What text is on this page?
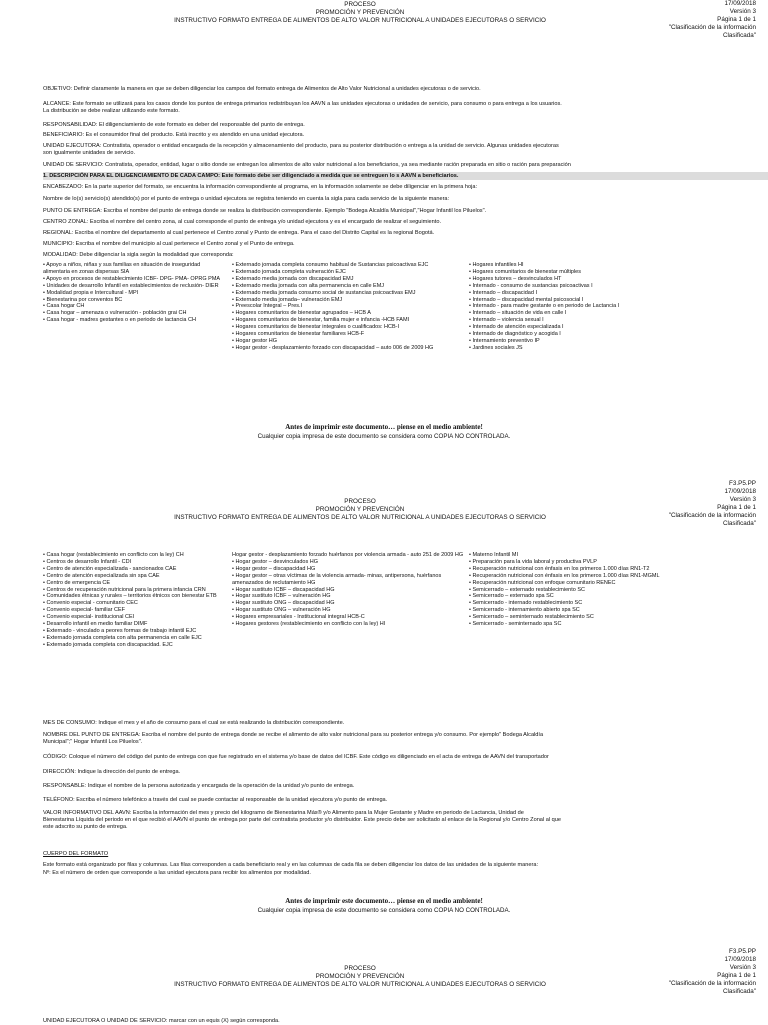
PROCESO
PROMOCIÓN Y PREVENCIÓN
INSTRUCTIVO FORMATO ENTREGA DE ALIMENTOS DE ALTO VALOR NUTRICIONAL A UNIDADES EJECUTORAS O SERVICIO
17/09/2018
Versión 3
Página 1 de 1
"Clasificación de la información
Clasificada"
OBJETIVO: Definir claramente la manera en que se deben diligenciar los campos del formato entrega de Alimentos de Alto Valor Nutricional a unidades ejecutoras o de servicio.
ALCANCE: Este formato se utilizará para los casos donde los puntos de entrega primarios redistribuyan los AAVN a las unidades ejecutoras o unidades de servicio, para consumo o para entrega a los usuarios.
La distribución se debe realizar utilizando este formato.
RESPONSABILIDAD: El diligenciamiento de este formato es deber del responsable del punto de entrega.
BENEFICIARIO: Es el consumidor final del producto. Está inscrito y es atendido en una unidad ejecutora.
UNIDAD EJECUTORA: Contratista, operador o entidad encargada de la recepción y almacenamiento del producto, para su posterior distribución o entrega a la unidad de servicio. Algunas unidades ejecutoras
son igualmente unidades de servicio.
UNIDAD DE SERVICIO: Contratista, operador, entidad, lugar o sitio donde se entregan los alimentos de alto valor nutricional a los beneficiarios, ya sea mediante ración preparada en sitio o ración para preparación
1. DESCRIPCIÓN PARA EL DILIGENCIAMIENTO DE CADA CAMPO: Este formato debe ser diligenciado a medida que se entreguen lo s AAVN a beneficiarios.
ENCABEZADO: En la parte superior del formato, se encuentra la información correspondiente al programa, en la información solamente se debe diligenciar en la primera hoja:
Nombre de lo(s) servicio(s) atendido(s) por el punto de entrega o unidad ejecutora se registra teniendo en cuenta la sigla para cada servicio de la siguiente manera:
PUNTO DE ENTREGA: Escriba el nombre del punto de entrega donde se realiza la distribución correspondiente. Ejemplo "Bodega Alcaldía Municipal","Hogar Infantil los Piluelos".
CENTRO ZONAL: Escriba el nombre del centro zona, al cual corresponde el punto de entrega y/o unidad ejecutora y es el encargado de realizar el seguimiento.
REGIONAL: Escriba el nombre del departamento al cual pertenece el Centro zonal y Punto de entrega. Para el caso del Distrito Capital es la regional Bogotá.
MUNICIPIO: Escriba el nombre del municipio al cual pertenece el Centro zonal y el Punto de entrega.
MODALIDAD: Debe diligenciar la sigla según la modalidad que corresponda:
• Apoyo a niños, niñas y sus familias en situación de inseguridad alimentaria en zonas dispersas SIA
• Apoyo en procesos de restablecimiento ICBF- DPG- PMA- OPRG PMA
• Unidades de desarrollo Infantil en establecimientos de reclusión- DIER
• Modalidad propia e Intercultural - MPI
• Bienestarina por conventos BC
• Casa hogar CH
• Casa hogar – amenaza o vulneración - población grai CH
• Casa hogar - madres gestantes o en periodo de lactancia CH
• Externado jornada completa consumo habitual de Sustancias psicoactivas EJC
• Externado jornada completa vulneración EJC
• Externado media jornada con discapacidad EMJ
• Externado media jornada con alta permanencia en calle EMJ
• Externado media jornada consumo social de sustancias psicoactivas EMJ
• Externado media jornada– vulneración EMJ
• Preescolar Integral – Pres.I
• Hogares comunitarios de bienestar agrupados – HCB A
• Hogares comunitarios de bienestar, familia mujer e infancia -HCB FAMI
• Hogares comunitarios de bienestar integrales o cualificados: HCB-I
• Hogares comunitarios de bienestar familiares HCB-F
• Hogar gestor HG
• Hogar gestor - desplazamiento forzado con discapacidad – auto 006 de 2009 HG
• Hogares infantiles HI
• Hogares comunitarios de bienestar múltiples
• Hogares tutores – desvinculados HT
• Internado - consumo de sustancias psicoactivas I
• Internado – discapacidad I
• Internado – discapacidad mental psicosocial I
• Internado - para madre gestante o en periodo de Lactancia I
• Internado – situación de vida en calle I
• Internado – violencia sexual I
• Internado de atención especializada I
• Internado de diagnóstico y acogida I
• Internamiento preventivo IP
• Jardines sociales JS
Antes de imprimir este documento… piense en el medio ambiente!
Cualquier copia impresa de este documento se considera como COPIA NO CONTROLADA.
PROCESO
PROMOCIÓN Y PREVENCIÓN
INSTRUCTIVO FORMATO ENTREGA DE ALIMENTOS DE ALTO VALOR NUTRICIONAL A UNIDADES EJECUTORAS O SERVICIO
F3.P5.PP
17/09/2018
Versión 3
Página 1 de 1
"Clasificación de la información
Clasificada"
• Casa hogar (restablecimiento en conflicto con la ley) CH
• Centros de desarrollo Infantil - CDI
• Centro de atención especializada - sancionados CAE
• Centro de atención especializada sin spa CAE
• Centro de emergencia CE
• Centros de recuperación nutricional para la primera infancia CRN
• Comunidades étnicas y rurales – territorios étnicos con bienestar ETB
• Convenio especial - comunitario CEC
• Convenio especial- familiar CEF
• Convenio especial- institucional CEI
• Desarrollo infantil en medio familiar DIMF
• Externado - vinculado a peores formas de trabajo infantil EJC
• Externado jornada completa con alta permanencia en calle EJC
• Externado jornada completa con discapacidad. EJC
Hogar gestor - desplazamiento forzado huérfanos por violencia armada - auto 251 de 2009 HG
• Hogar gestor – desvinculados HG
• Hogar gestor – discapacidad HG
• Hogar gestor – otras víctimas de la violencia armada- minas, antipersona, huérfanos amenazados de reclutamiento HG
• Hogar sustituto ICBF – discapacidad HG
• Hogar sustituto ICBF – vulneración HG
• Hogar sustituto ONG – discapacidad HG
• Hogar sustituto ONG – vulneración HG
• Hogares empresariales - Institucional integral HCB-C
• Hogares gestores (restablecimiento en conflicto con la ley) HI
• Materno Infantil MI
• Preparación para la vida laboral y productiva PVLP
• Recuperación nutricional con énfasis en los primeros 1.000 días RN1-T2
• Recuperación nutricional con énfasis en los primeros 1.000 días RN1-MGML
• Recuperación nutricional con enfoque comunitario RENEC
• Semicerrado – externado restablecimiento SC
• Semicerrado – externado spa SC
• Semicerrado - internado restablecimiento SC
• Semicerrado - internamiento abierto spa SC
• Semicerrado – seminternado restablecimiento SC
• Semicerrado - seminternado spa SC
MES DE CONSUMO: Indique el mes y el año de consumo para el cual se está realizando la distribución correspondiente.
NOMBRE DEL PUNTO DE ENTREGA: Escriba el nombre del punto de entrega donde se recibe el alimento de alto valor nutricional para su posterior entrega y/o consumo. Por ejemplo" Bodega Alcaldía
Municipal";" Hogar Infantil Los Piluelos".
CÓDIGO: Coloque el número del código del punto de entrega con que fue registrado en el sistema y/o base de datos del ICBF. Este código es diligenciado en el acta de entrega de AAVN del transportador
DIRECCIÓN: Indique la dirección del punto de entrega.
RESPONSABLE: Indique el nombre de la persona autorizada y encargada de la operación de la unidad y/o punto de entrega.
TELÉFONO: Escriba el número telefónico a través del cual se puede contactar al responsable de la unidad ejecutora y/o punto de entrega.
VALOR INFORMATIVO DEL AAVN: Escriba la información del mes y precio del kilogramo de Bienestarina Más® y/o Alimento para la Mujer Gestante y Madre en periodo de Lactancia, Unidad de
Bienestarina Líquida del periodo en el que recibió el AAVN el punto de entrega por parte del contratista productor y/o distribuidor. Este precio debe ser solicitado al enlace de la Regional y/o Centro Zonal al que
este adscrito su punto de entrega.
CUERPO DEL FORMATO
Este formato está organizado por filas y columnas. Las filas corresponden a cada beneficiario real y en las columnas de cada fila se deben diligenciar los datos de las unidades de la siguiente manera:
Nº: Es el número de orden que corresponde a las unidad ejecutora para recibir los alimentos por modalidad.
Antes de imprimir este documento… piense en el medio ambiente!
Cualquier copia impresa de este documento se considera como COPIA NO CONTROLADA.
PROCESO
PROMOCIÓN Y PREVENCIÓN
INSTRUCTIVO FORMATO ENTREGA DE ALIMENTOS DE ALTO VALOR NUTRICIONAL A UNIDADES EJECUTORAS O SERVICIO
F3.P5.PP
17/09/2018
Versión 3
Página 1 de 1
"Clasificación de la información
Clasificada"
UNIDAD EJECUTORA O UNIDAD DE SERVICIO: marcar con un equis (X) según corresponda.
